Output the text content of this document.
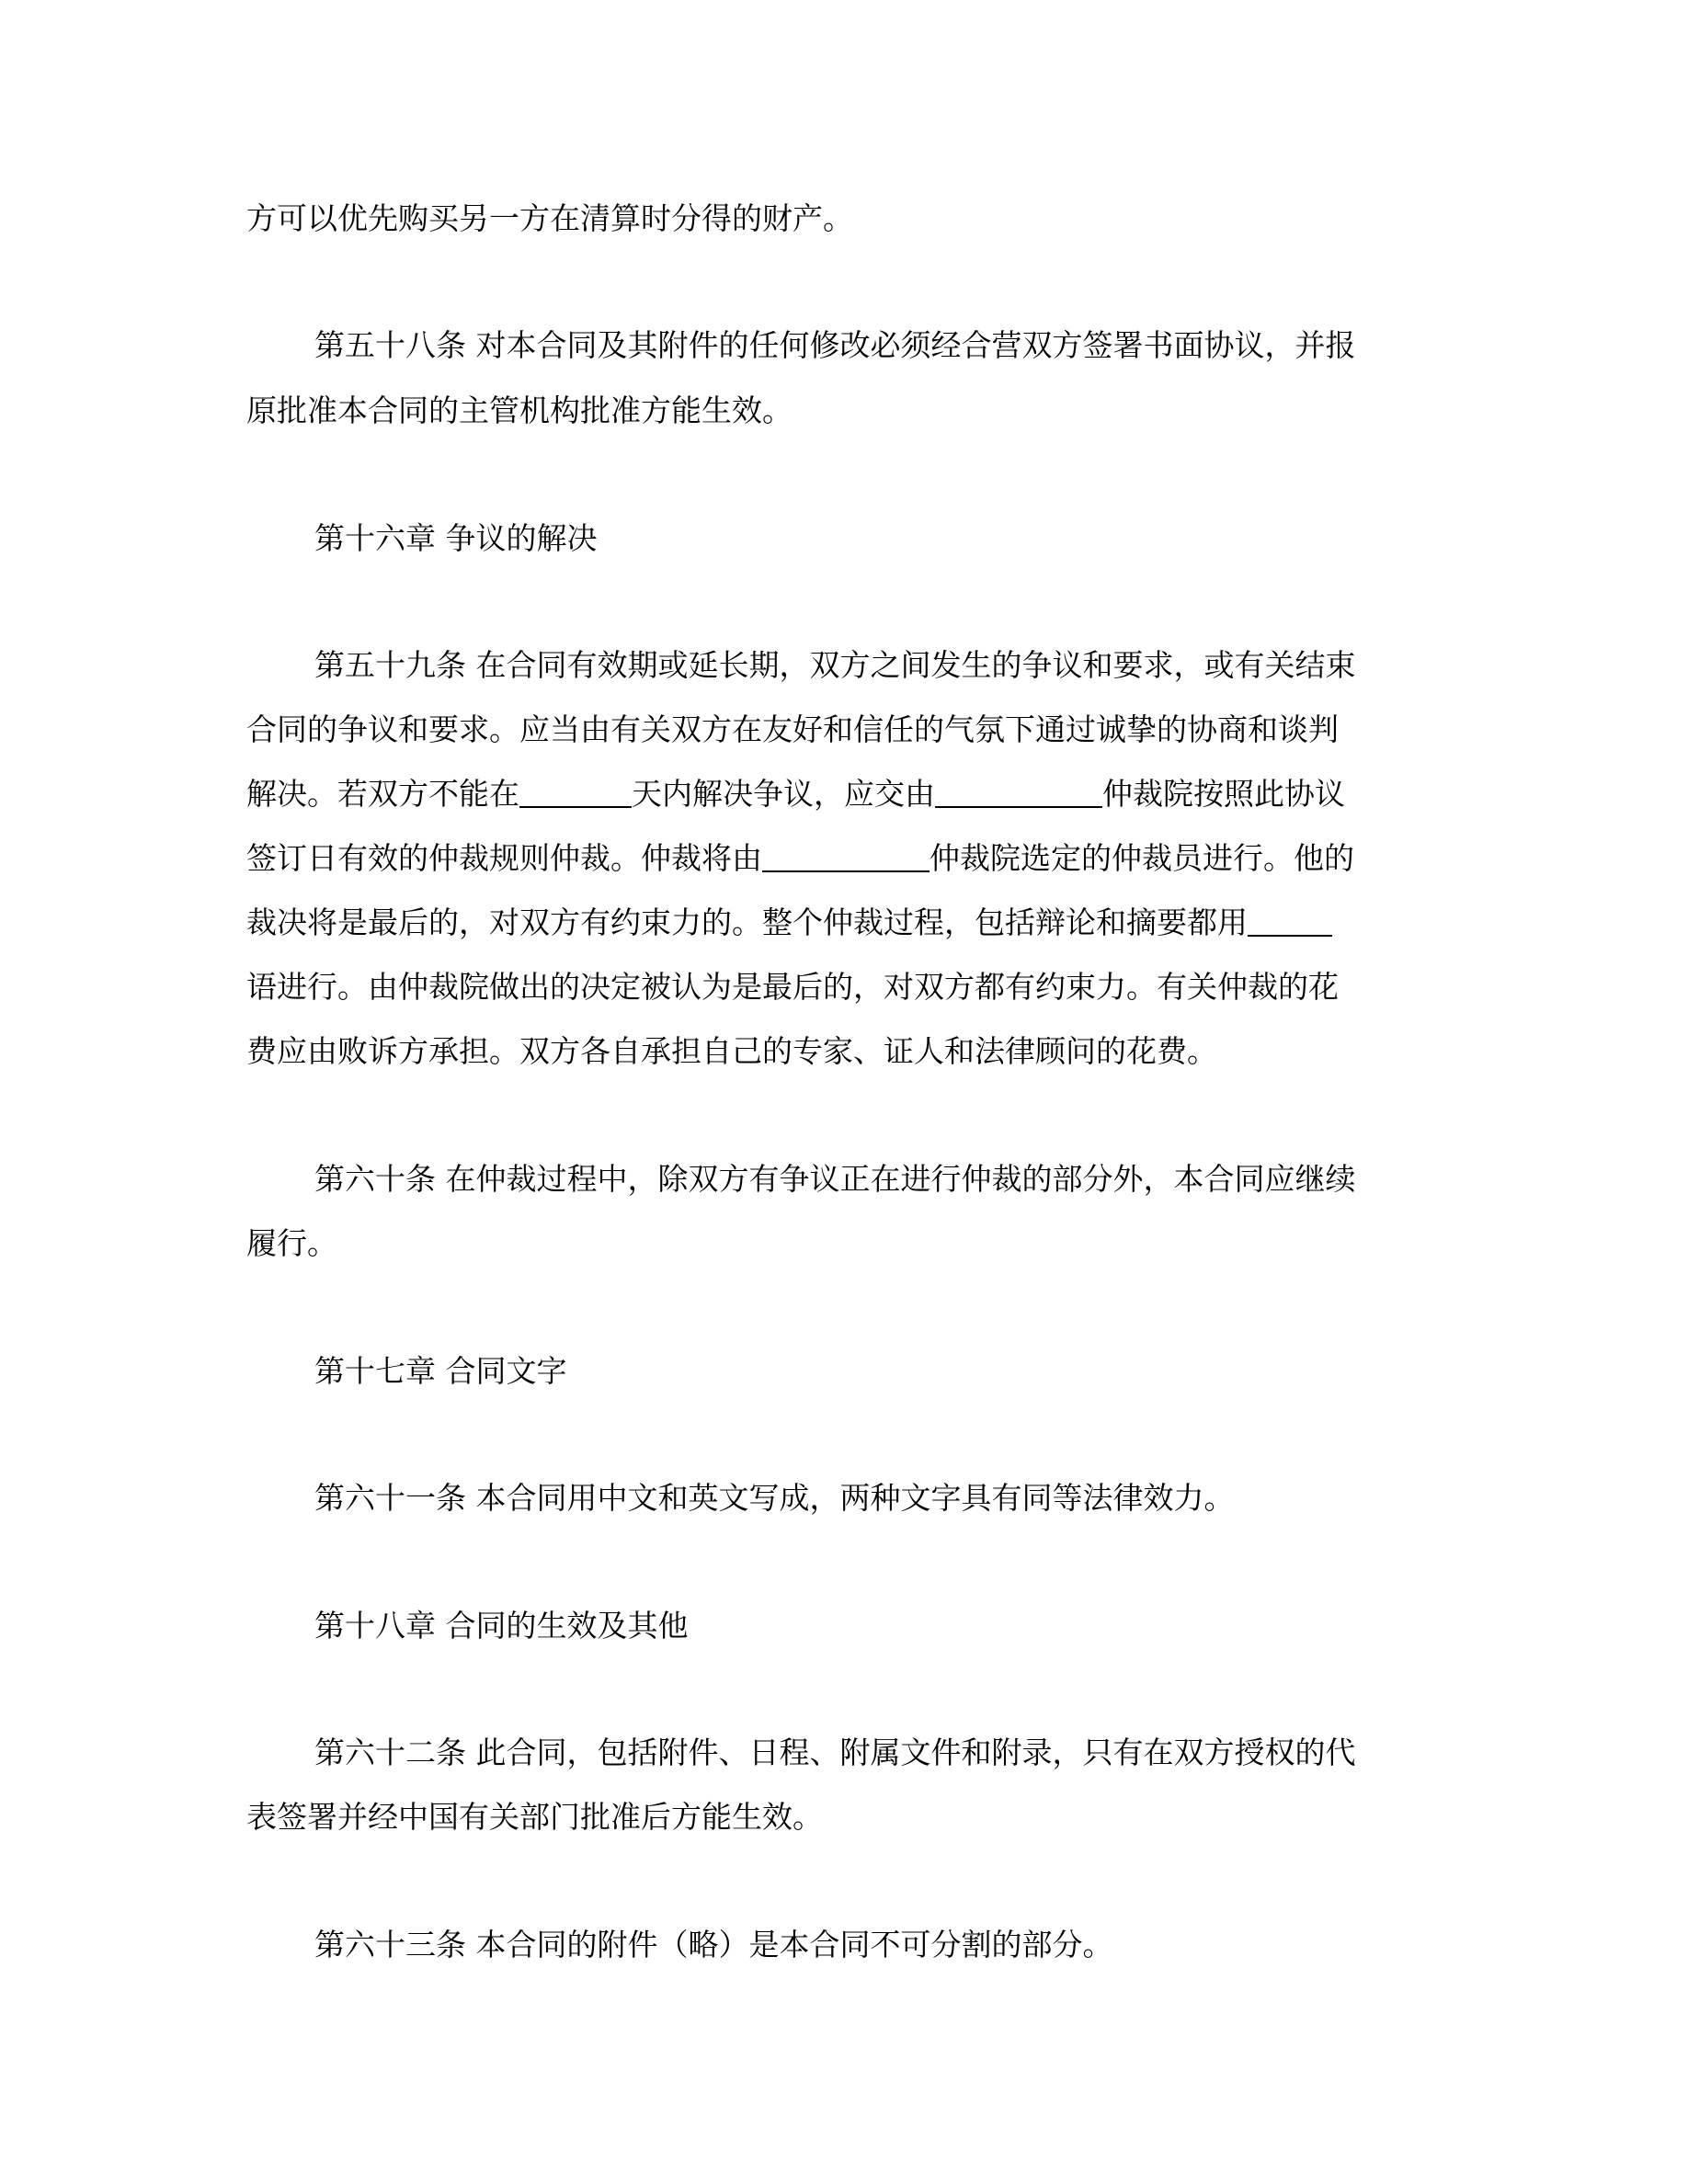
方可以优先购买另一方在清算时分得的财产。
第五十八条 对本合同及其附件的任何修改必须经合营双方签署书面协议，并报
原批准本合同的主管机构批准方能生效。
第十六章 争议的解决
第五十九条 在合同有效期或延长期，双方之间发生的争议和要求，或有关结束
合同的争议和要求。应当由有关双方在友好和信任的气氛下通过诚挚的协商和谈判
解决。若双方不能在	天内解决争议，应交由	仲裁院按照此协议
签订日有效的仲裁规则仲裁。仲裁将由	仲裁院选定的仲裁员进行。他的
裁决将是最后的，对双方有约束力的。整个仲裁过程，包括辩论和摘要都用
语进行。由仲裁院做出的决定被认为是最后的，对双方都有约束力。有关仲裁的花
费应由败诉方承担。双方各自承担自己的专家、证人和法律顾问的花费。
第六十条 在仲裁过程中，除双方有争议正在进行仲裁的部分外，本合同应继续
履行。
第十七章 合同文字
第六十一条 本合同用中文和英文写成，两种文字具有同等法律效力。
第十八章 合同的生效及其他
第六十二条 此合同，包括附件、日程、附属文件和附录，只有在双方授权的代
表签署并经中国有关部门批准后方能生效。
第六十三条 本合同的附件（略）是本合同不可分割的部分。
